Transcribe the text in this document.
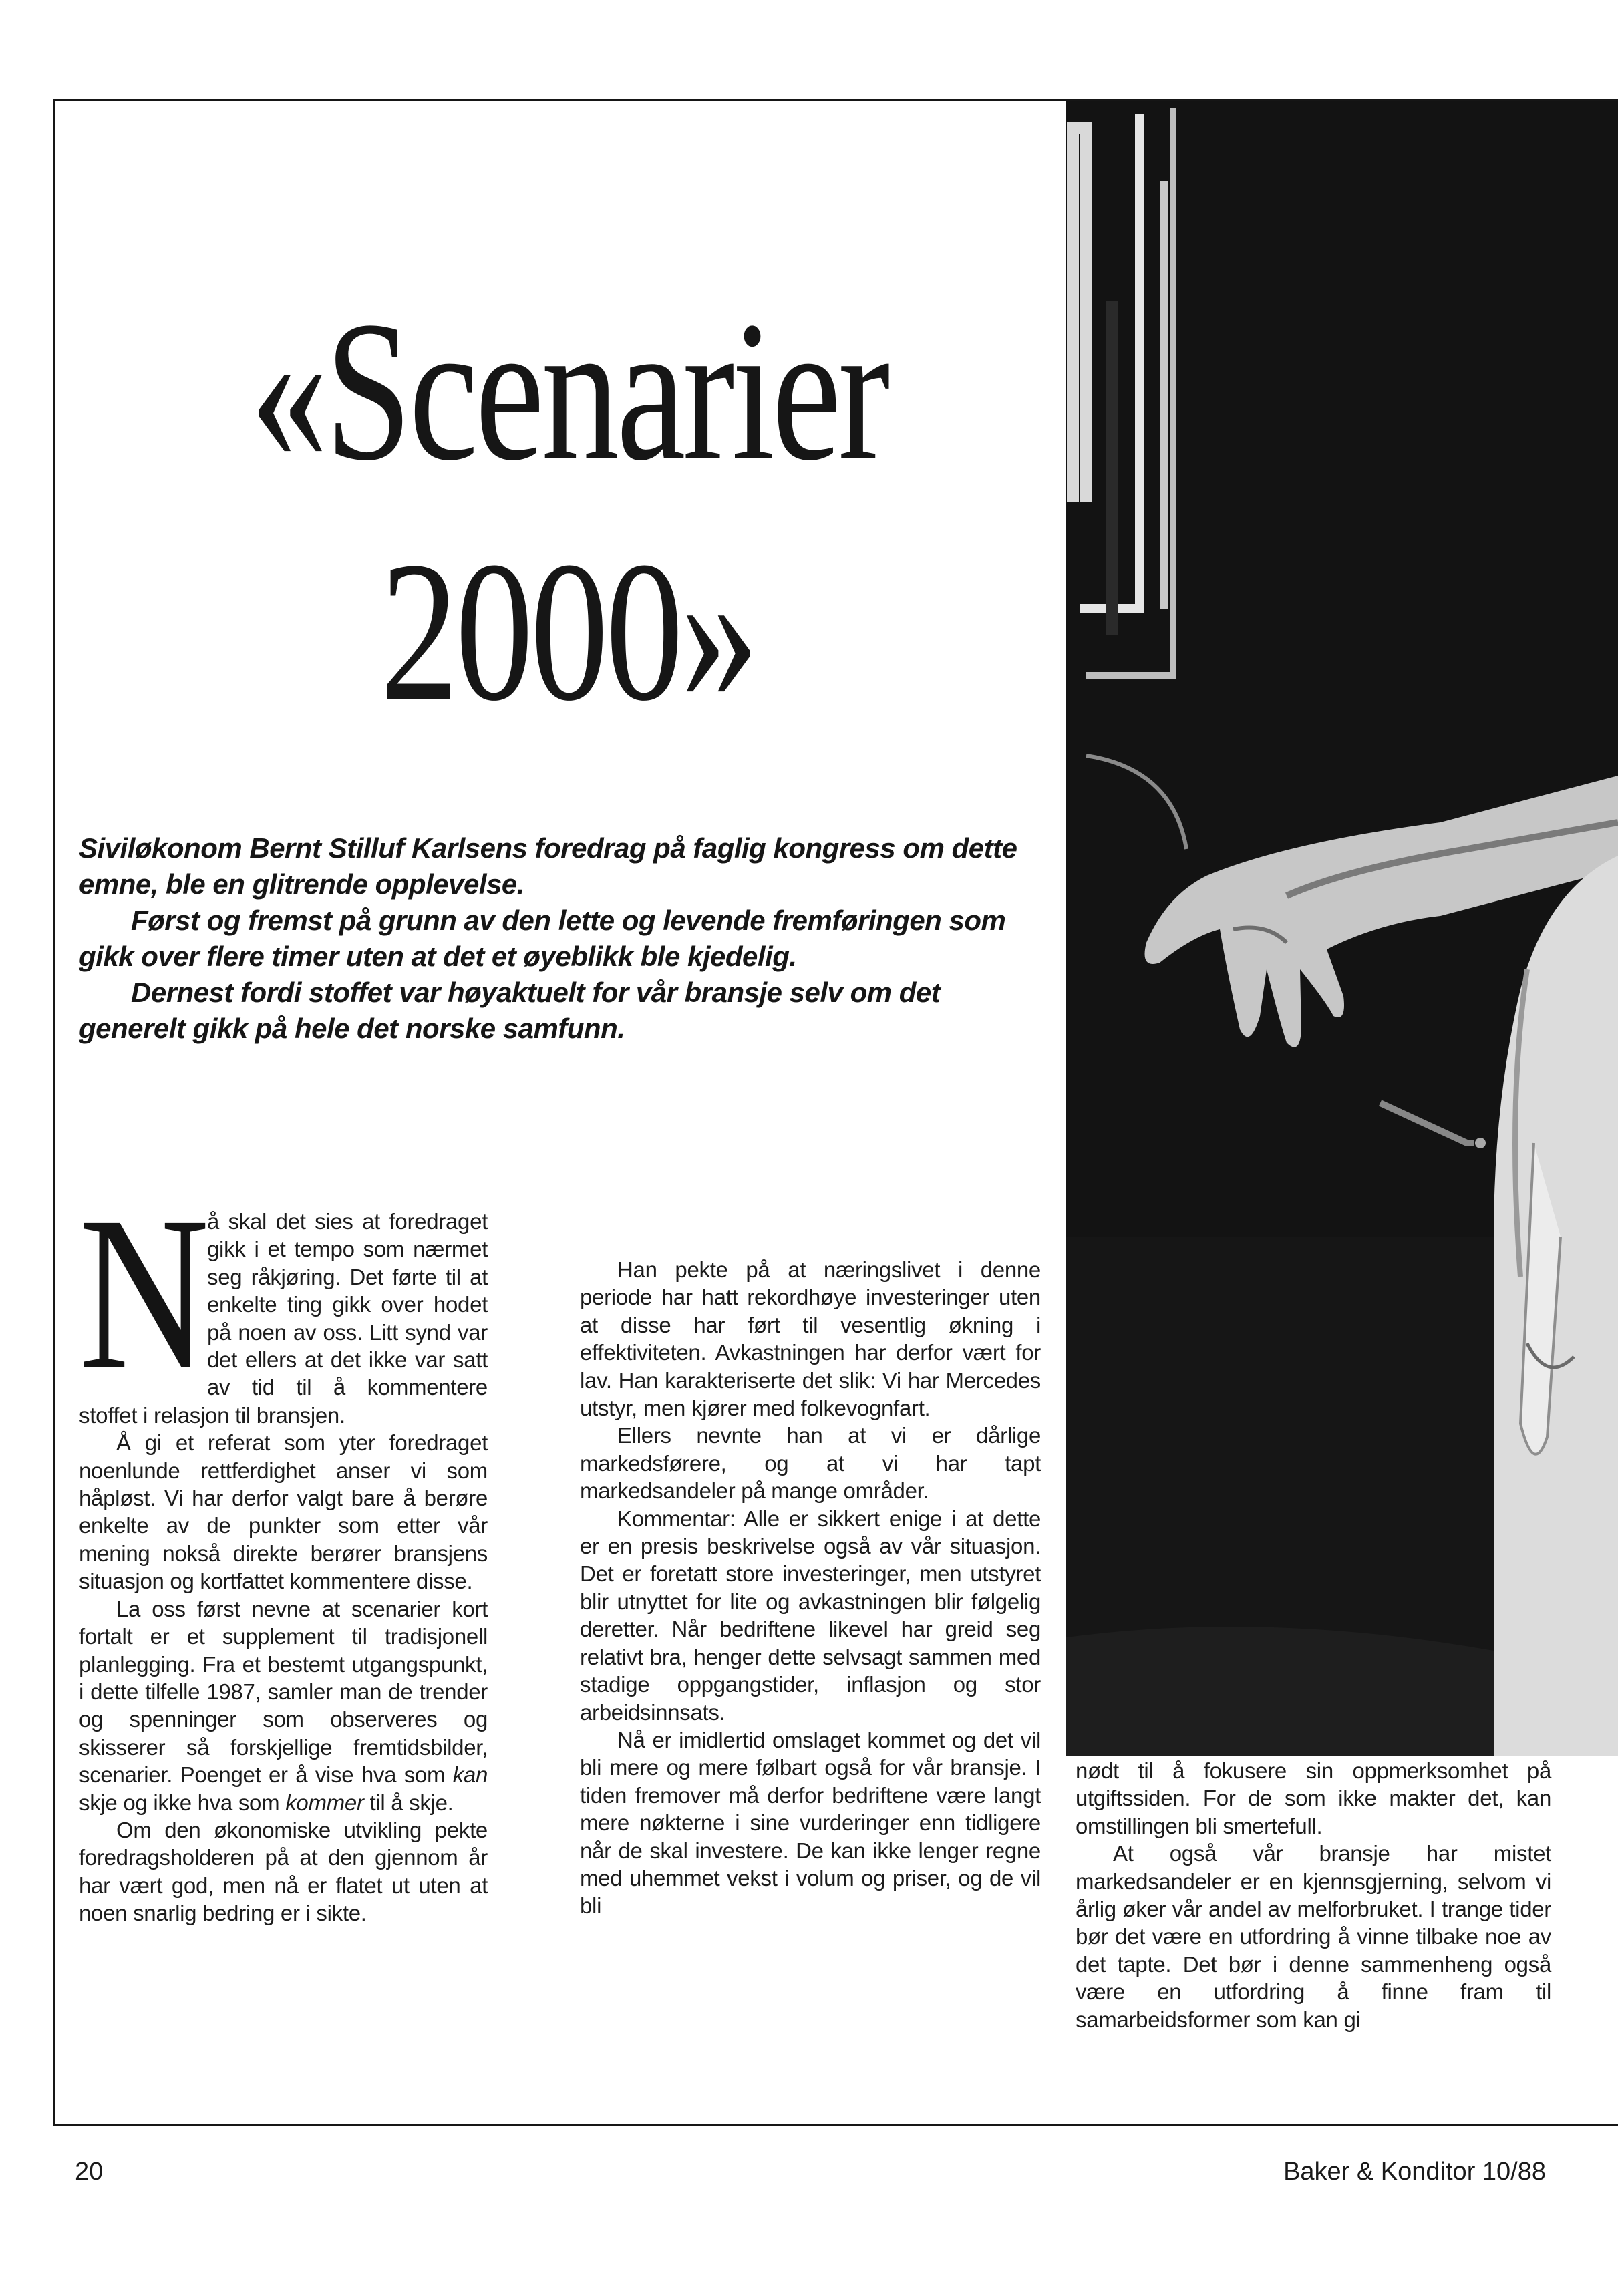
«Scenarier
2000»

Siviløkonom Bernt Stilluf Karlsens foredrag på faglig kongress om dette emne, ble en glitrende opplevelse.

Først og fremst på grunn av den lette og levende fremføringen som gikk over flere timer uten at det et øyeblikk ble kjedelig.

Dernest fordi stoffet var høyaktuelt for vår bransje selv om det generelt gikk på hele det norske samfunn.

N
å skal det sies at foredraget gikk i et tempo som nærmet seg råkjøring. Det førte til at enkelte ting gikk over hodet på noen av oss. Litt synd var det ellers at det ikke var satt av tid til å kommentere stoffet i relasjon til bransjen.

Å gi et referat som yter foredraget noenlunde rettferdighet anser vi som håpløst. Vi har derfor valgt bare å berøre enkelte av de punkter som etter vår mening nokså direkte berører bransjens situasjon og kortfattet kommentere disse.

La oss først nevne at scenarier kort fortalt er et supplement til tradisjonell planlegging. Fra et bestemt utgangspunkt, i dette tilfelle 1987, samler man de trender og spenninger som observeres og skisserer så forskjellige fremtidsbilder, scenarier. Poenget er å vise hva som kan skje og ikke hva som kommer til å skje.

Om den økonomiske utvikling pekte foredragsholderen på at den gjennom år har vært god, men nå er flatet ut uten at noen snarlig bedring er i sikte.

Han pekte på at næringslivet i denne periode har hatt rekordhøye investeringer uten at disse har ført til vesentlig økning i effektiviteten. Avkastningen har derfor vært for lav. Han karakteriserte det slik: Vi har Mercedes utstyr, men kjører med folkevognfart.

Ellers nevnte han at vi er dårlige markedsførere, og at vi har tapt markedsandeler på mange områder.

Kommentar: Alle er sikkert enige i at dette er en presis beskrivelse også av vår situasjon. Det er foretatt store investeringer, men utstyret blir utnyttet for lite og avkastningen blir følgelig deretter. Når bedriftene likevel har greid seg relativt bra, henger dette selvsagt sammen med stadige oppgangstider, inflasjon og stor arbeidsinnsats.

Nå er imidlertid omslaget kommet og det vil bli mere og mere følbart også for vår bransje. I tiden fremover må derfor bedriftene være langt mere nøkterne i sine vurderinger enn tidligere når de skal investere. De kan ikke lenger regne med uhemmet vekst i volum og priser, og de vil bli

nødt til å fokusere sin oppmerksomhet på utgiftssiden. For de som ikke makter det, kan omstillingen bli smertefull.

At også vår bransje har mistet markedsandeler er en kjennsgjerning, selvom vi årlig øker vår andel av melforbruket. I trange tider bør det være en utfordring å vinne tilbake noe av det tapte. Det bør i denne sammenheng også være en utfordring å finne fram til samarbeidsformer som kan gi

20	Baker & Konditor 10/88
